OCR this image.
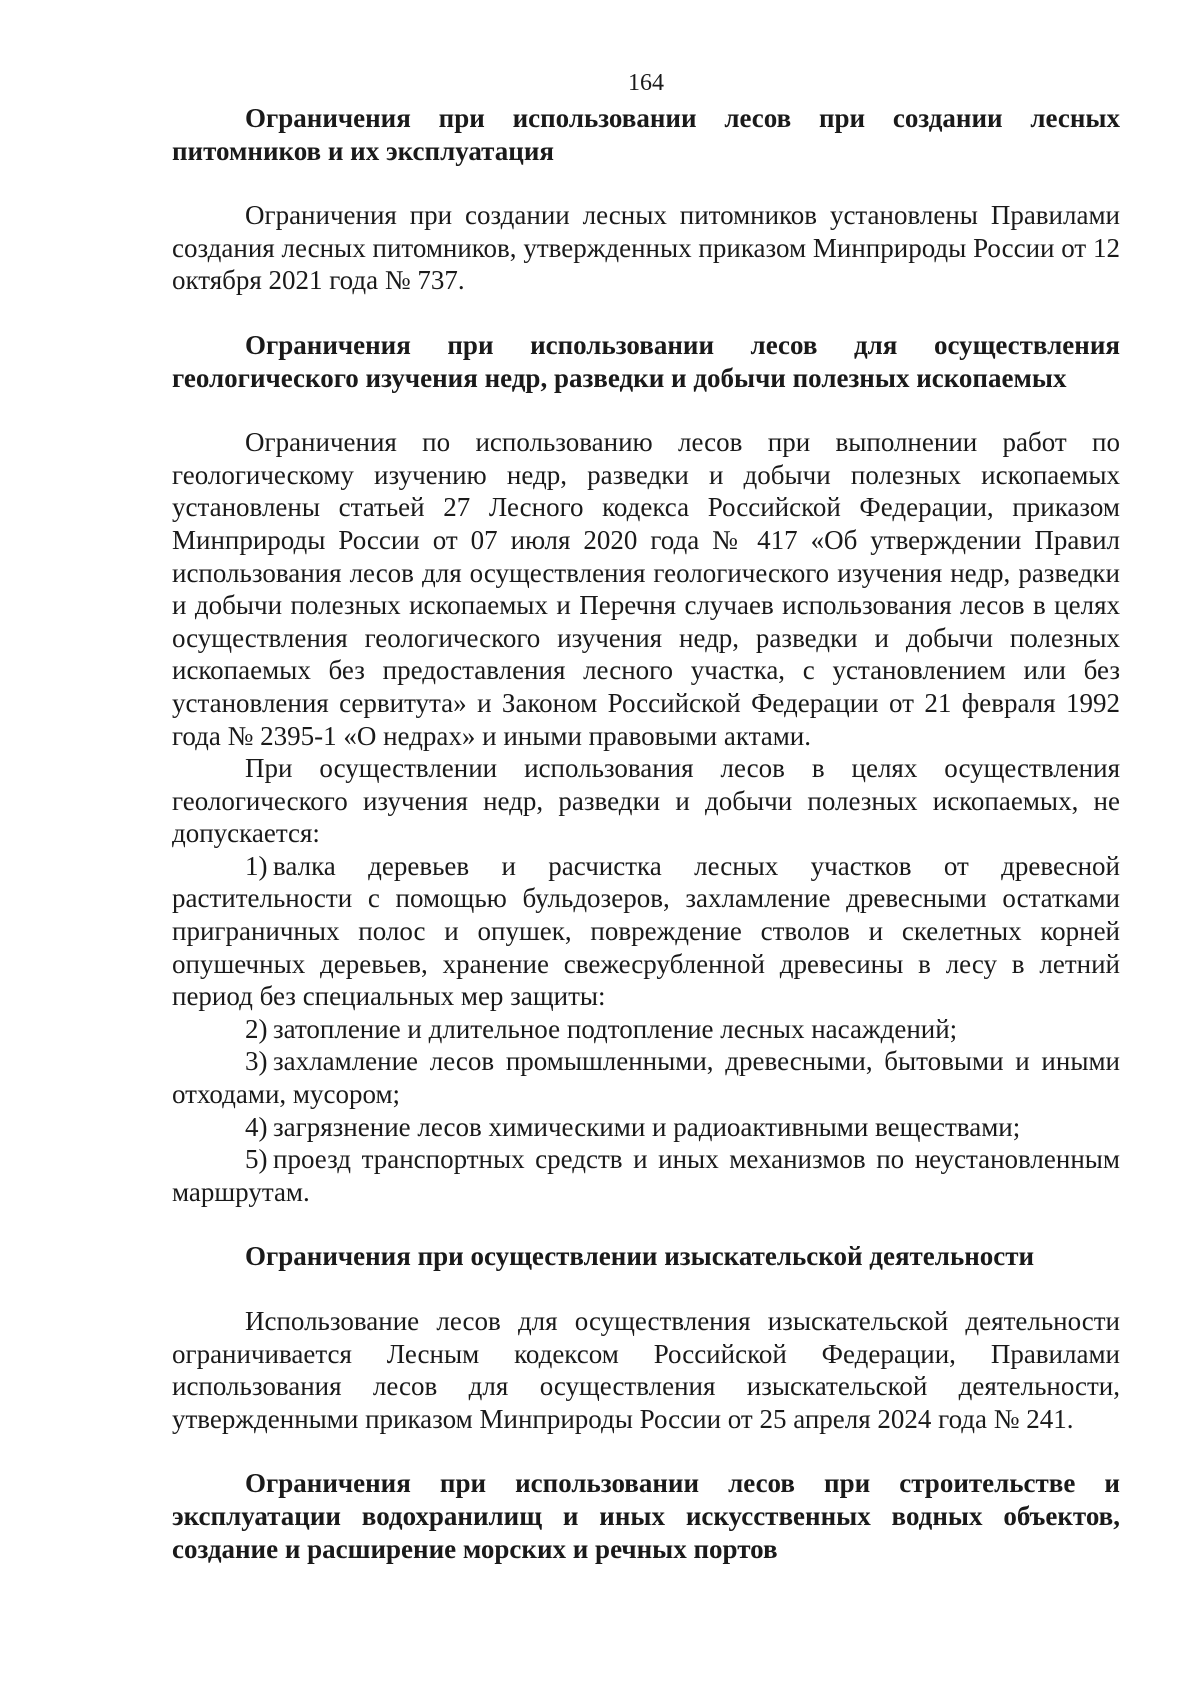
164

Ограничения при использовании лесов при создании лесных питомников и их эксплуатация

Ограничения при создании лесных питомников установлены Правилами создания лесных питомников, утвержденных приказом Минприроды России от 12 октября 2021 года № 737.

Ограничения при использовании лесов для осуществления геологического изучения недр, разведки и добычи полезных ископаемых

Ограничения по использованию лесов при выполнении работ по геологическому изучению недр, разведки и добычи полезных ископаемых установлены статьей 27 Лесного кодекса Российской Федерации, приказом Минприроды России от 07 июля 2020 года № 417 «Об утверждении Правил использования лесов для осуществления геологического изучения недр, разведки и добычи полезных ископаемых и Перечня случаев использования лесов в целях осуществления геологического изучения недр, разведки и добычи полезных ископаемых без предоставления лесного участка, с установлением или без установления сервитута» и Законом Российской Федерации от 21 февраля 1992 года № 2395-1 «О недрах» и иными правовыми актами.

При осуществлении использования лесов в целях осуществления геологического изучения недр, разведки и добычи полезных ископаемых, не допускается:

1) валка деревьев и расчистка лесных участков от древесной растительности с помощью бульдозеров, захламление древесными остатками приграничных полос и опушек, повреждение стволов и скелетных корней опушечных деревьев, хранение свежесрубленной древесины в лесу в летний период без специальных мер защиты:

2) затопление и длительное подтопление лесных насаждений;

3) захламление лесов промышленными, древесными, бытовыми и иными отходами, мусором;

4) загрязнение лесов химическими и радиоактивными веществами;

5) проезд транспортных средств и иных механизмов по неустановленным маршрутам.

Ограничения при осуществлении изыскательской деятельности

Использование лесов для осуществления изыскательской деятельности ограничивается Лесным кодексом Российской Федерации, Правилами использования лесов для осуществления изыскательской деятельности, утвержденными приказом Минприроды России от 25 апреля 2024 года № 241.

Ограничения при использовании лесов при строительстве и эксплуатации водохранилищ и иных искусственных водных объектов, создание и расширение морских и речных портов
